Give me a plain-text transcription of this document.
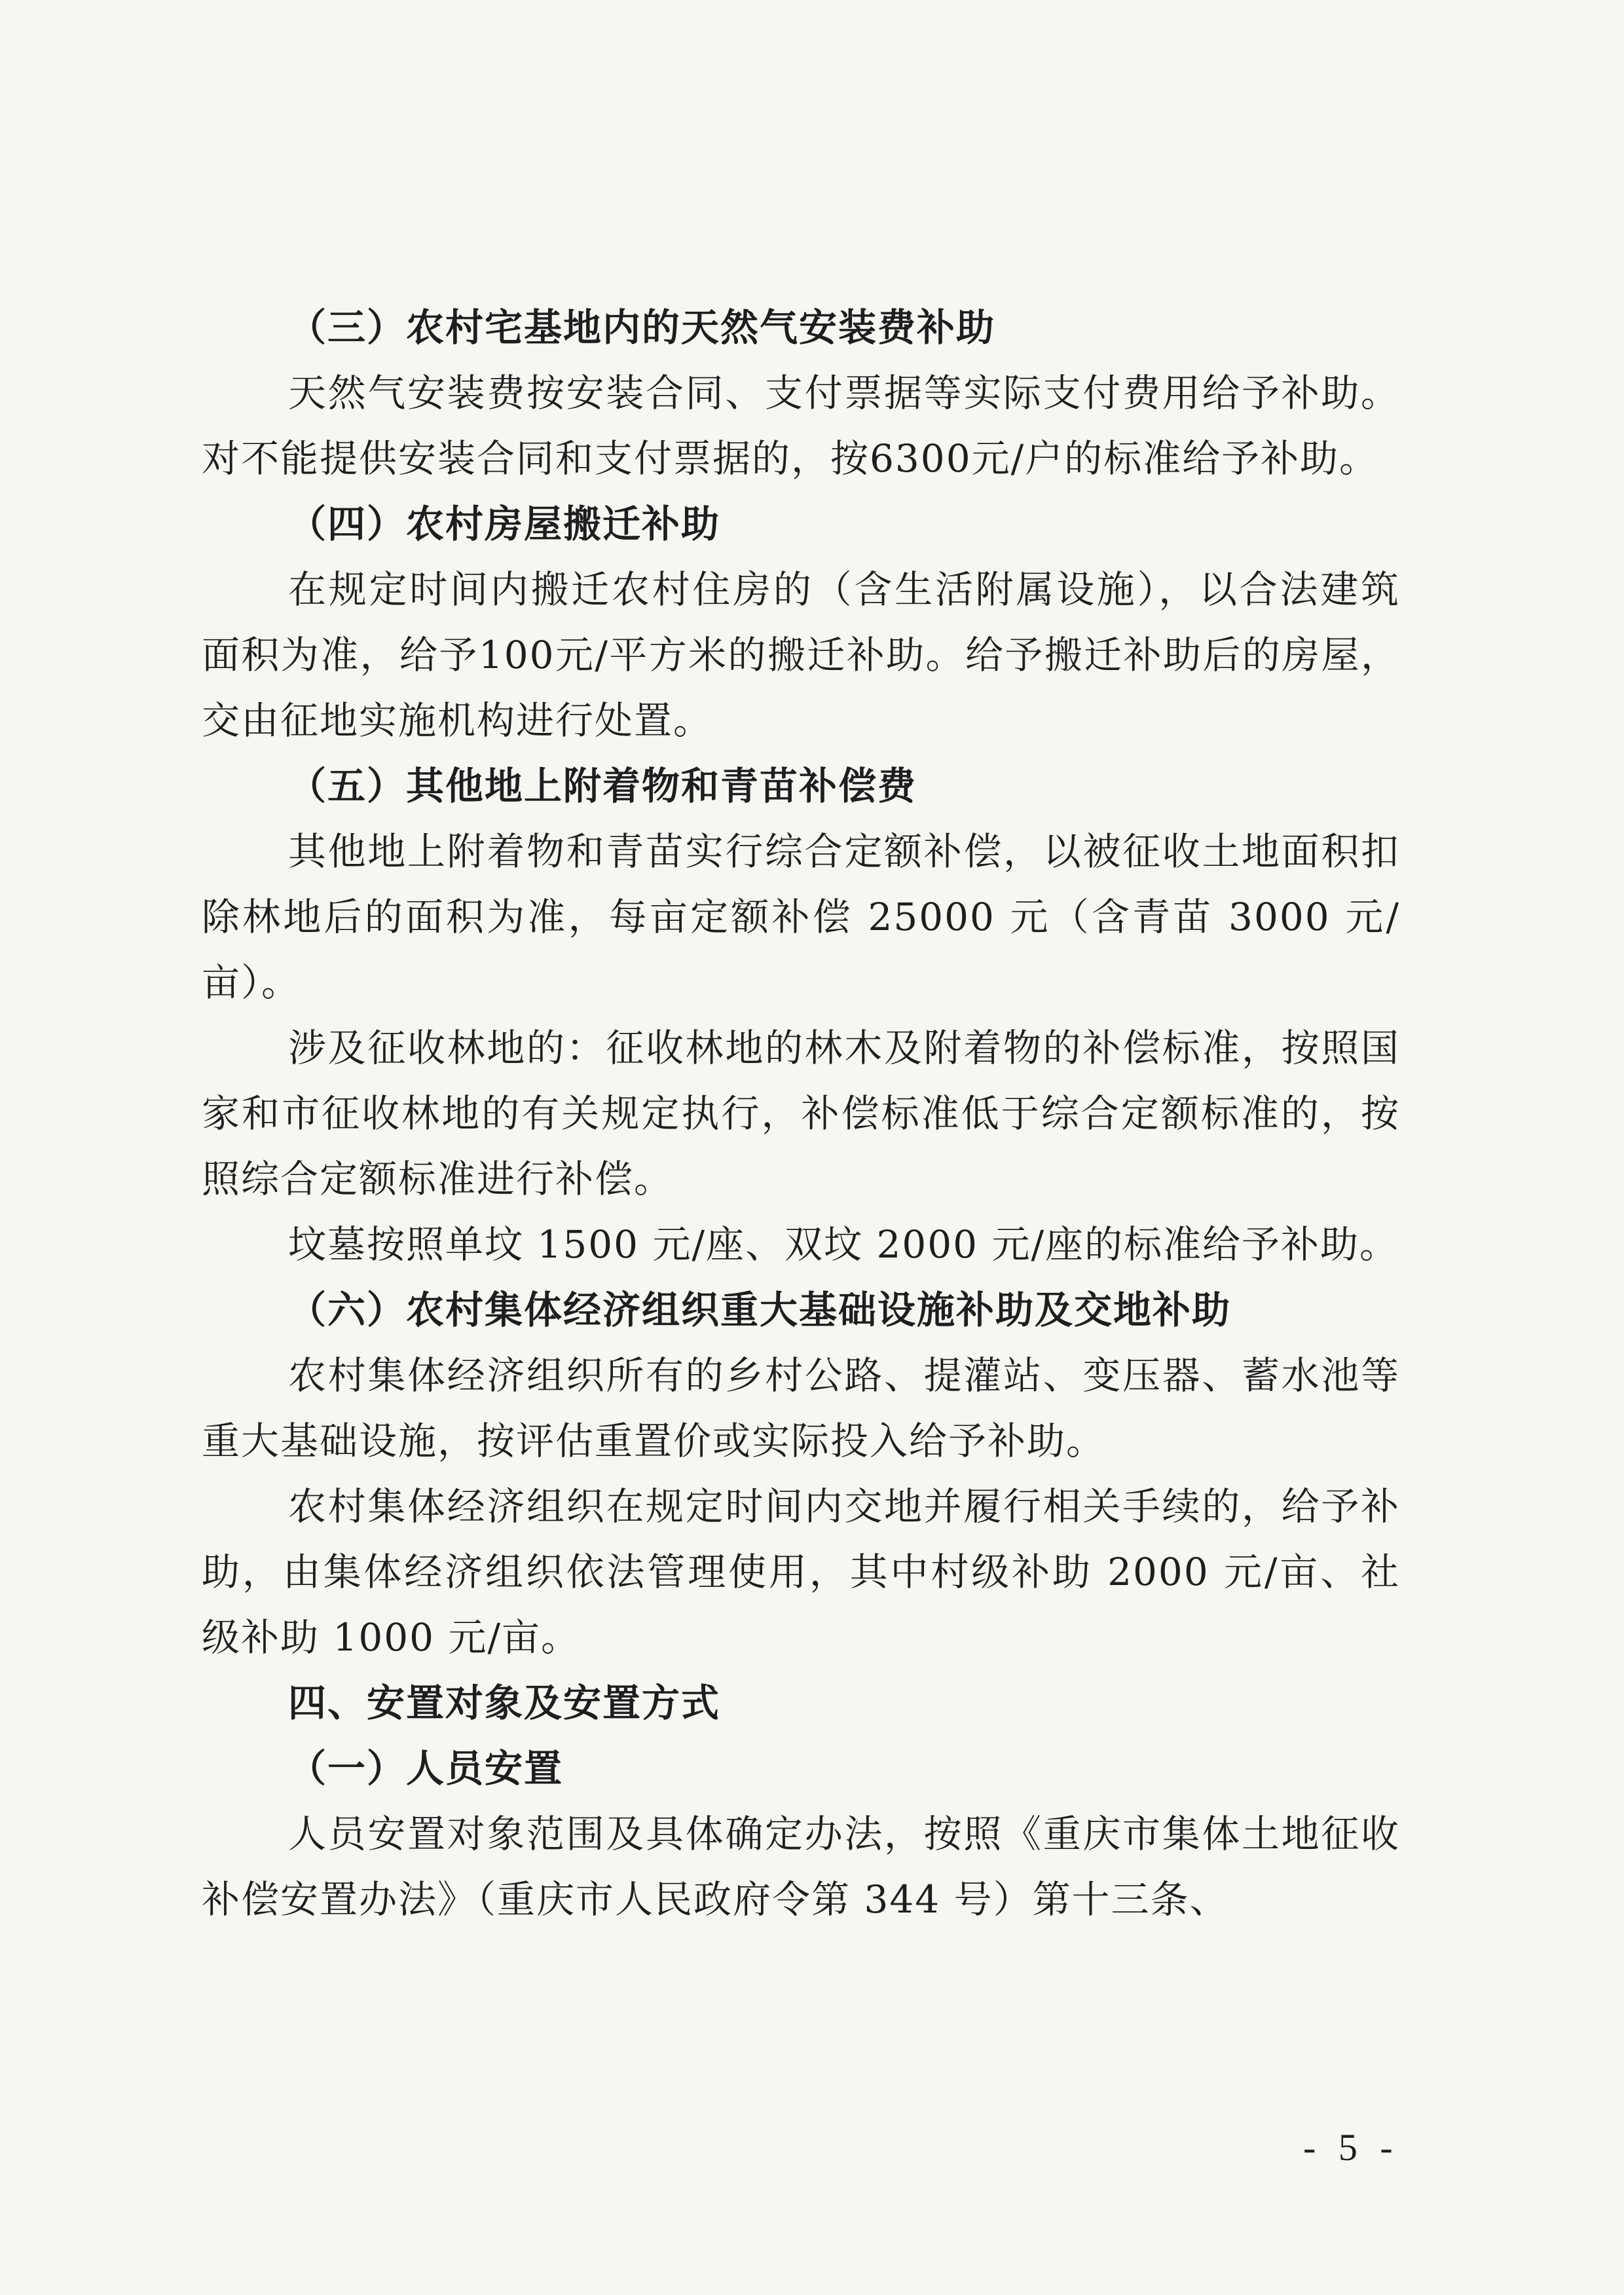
（三）农村宅基地内的天然气安装费补助

天然气安装费按安装合同、支付票据等实际支付费用给予补助。对不能提供安装合同和支付票据的，按6300元/户的标准给予补助。

（四）农村房屋搬迁补助

在规定时间内搬迁农村住房的（含生活附属设施），以合法建筑面积为准，给予100元/平方米的搬迁补助。给予搬迁补助后的房屋，交由征地实施机构进行处置。

（五）其他地上附着物和青苗补偿费

其他地上附着物和青苗实行综合定额补偿，以被征收土地面积扣除林地后的面积为准，每亩定额补偿 25000 元（含青苗 3000 元/亩）。

涉及征收林地的：征收林地的林木及附着物的补偿标准，按照国家和市征收林地的有关规定执行，补偿标准低于综合定额标准的，按照综合定额标准进行补偿。

坟墓按照单坟 1500 元/座、双坟 2000 元/座的标准给予补助。

（六）农村集体经济组织重大基础设施补助及交地补助

农村集体经济组织所有的乡村公路、提灌站、变压器、蓄水池等重大基础设施，按评估重置价或实际投入给予补助。

农村集体经济组织在规定时间内交地并履行相关手续的，给予补助，由集体经济组织依法管理使用，其中村级补助 2000 元/亩、社级补助 1000 元/亩。

四、安置对象及安置方式

（一）人员安置

人员安置对象范围及具体确定办法，按照《重庆市集体土地征收补偿安置办法》（重庆市人民政府令第 344 号）第十三条、

- 5 -
